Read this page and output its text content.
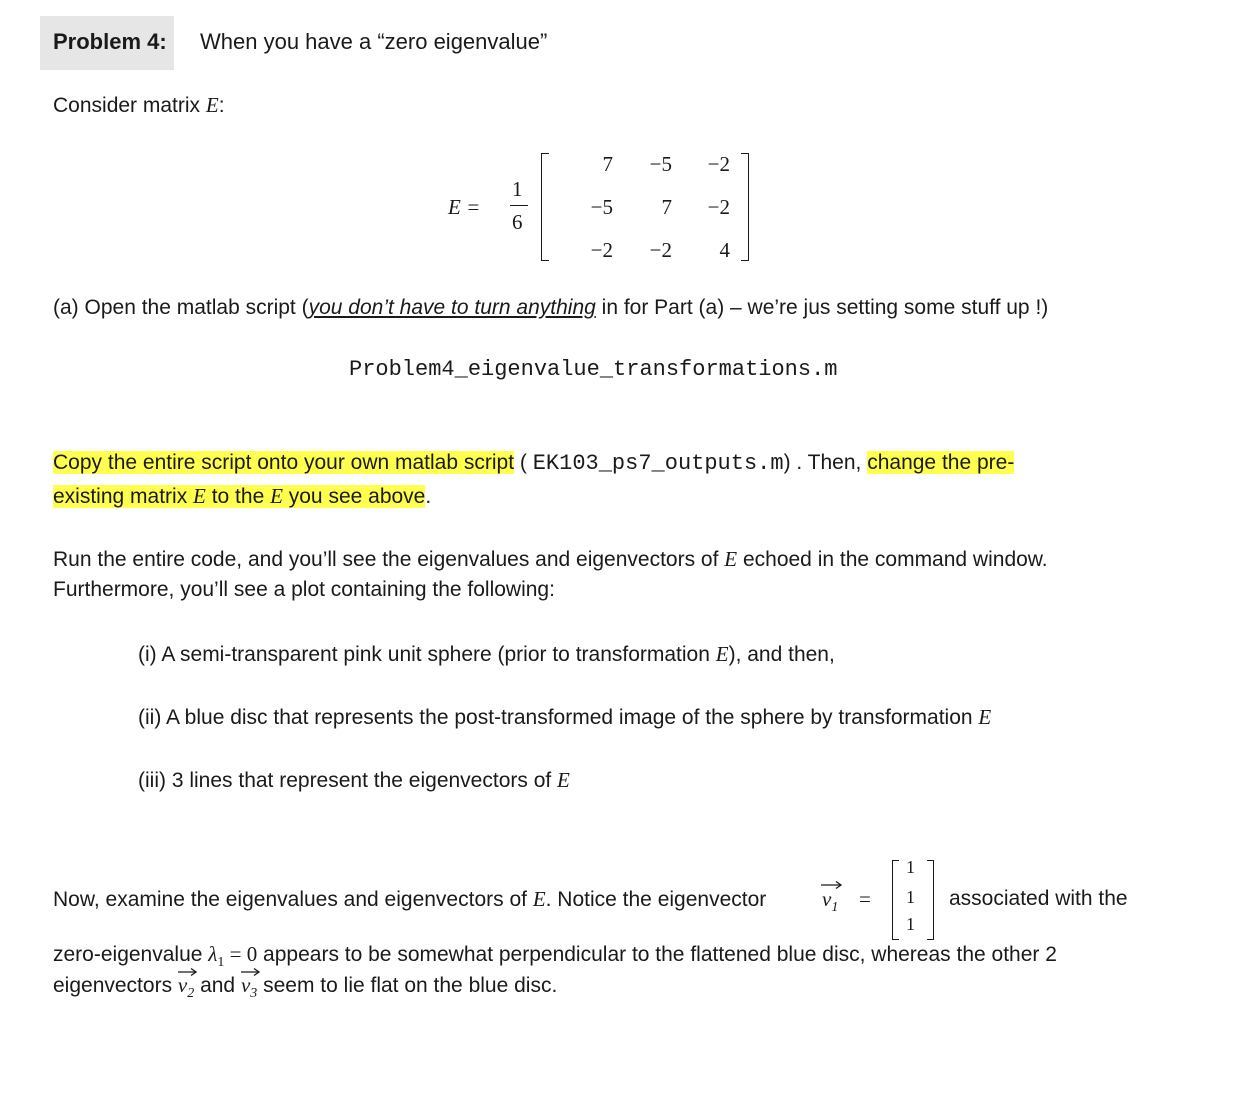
Problem 4: When you have a “zero eigenvalue”
Consider matrix E:
E =
1
6
7	−5	−2
−5	7	−2
−2	−2	4
(a) Open the matlab script (you don’t have to turn anything in for Part (a) – we’re jus setting some stuff up !)
Problem4_eigenvalue_transformations.m
Copy the entire script onto your own matlab script ( EK103_ps7_outputs.m) . Then, change the pre-
existing matrix E to the E you see above.
Run the entire code, and you’ll see the eigenvalues and eigenvectors of E echoed in the command window.
Furthermore, you’ll see a plot containing the following:
(i) A semi-transparent pink unit sphere (prior to transformation E), and then,
(ii) A blue disc that represents the post-transformed image of the sphere by transformation E
(iii) 3 lines that represent the eigenvectors of E
Now, examine the eigenvalues and eigenvectors of E. Notice the eigenvector	$v_1$ =
1
1
1
associated with the
zero-eigenvalue $\lambda_1 = 0$ appears to be somewhat perpendicular to the flattened blue disc, whereas the other 2
eigenvectors $v_2$
and $v_3$
seem to lie flat on the blue disc.
